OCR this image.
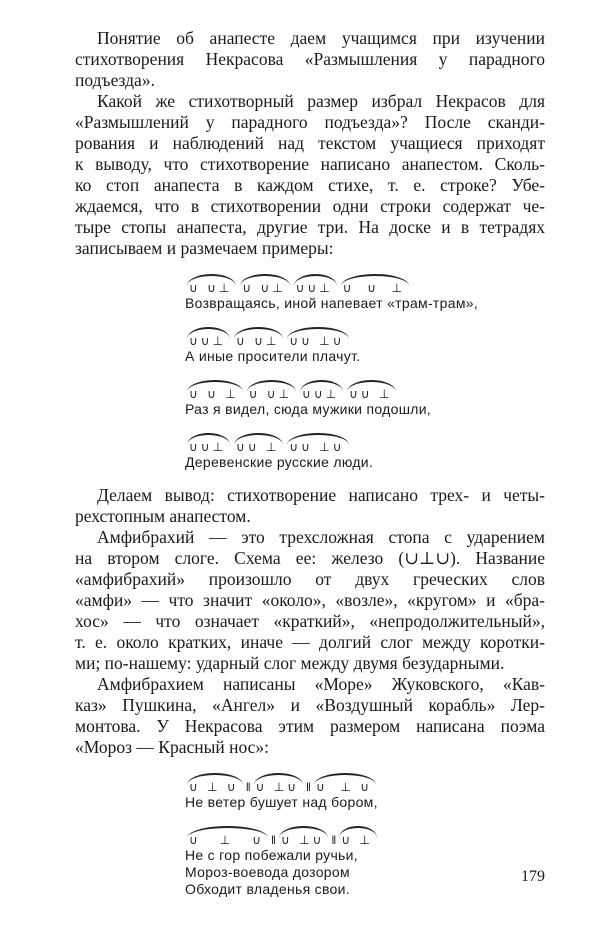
Понятие об анапесте даем учащимся при изучении
стихотворения Некрасова «Размышления у парадного
подъезда».
Какой же стихотворный размер избрал Некрасов для
«Размышлений у парадного подъезда»? После сканди-
рования и наблюдений над текстом учащиеся приходят
к выводу, что стихотворение написано анапестом. Сколь-
ко стоп анапеста в каждом стихе, т. е. строке? Убе-
ждаемся, что в стихотворении одни строки содержат че-
тыре стопы анапеста, другие три. На доске и в тетрадях
записываем и размечаем примеры:
∪ ∪⊥ ∪ ∪⊥ ∪∪⊥ ∪  ∪  ⊥
Возвращаясь, иной напевает «трам-трам»,
∪∪⊥ ∪ ∪⊥ ∪∪ ⊥∪
А иные просители плачут.
∪ ∪ ⊥ ∪ ∪⊥ ∪∪⊥ ∪∪ ⊥
Раз я видел, сюда мужики подошли,
∪∪⊥ ∪∪ ⊥ ∪∪ ⊥∪
Деревенские русские люди.
Делаем вывод: стихотворение написано трех- и четы-
рехстопным анапестом.
Амфибрахий — это трехсложная стопа с ударением
на втором слоге. Схема ее: железо (∪⊥∪). Название
«амфибрахий» произошло от двух греческих слов
«амфи» — что значит «около», «возле», «кругом» и «бра-
хос» — что означает «краткий», «непродолжительный»,
т. е. около кратких, иначе — долгий слог между коротки-
ми; по-нашему: ударный слог между двумя безударными.
Амфибрахием написаны «Море» Жуковского, «Кав-
каз» Пушкина, «Ангел» и «Воздушный корабль» Лер-
монтова. У Некрасова этим размером написана поэма
«Мороз — Красный нос»:
∪ ⊥ ∪ ‖ ∪ ⊥∪ ‖ ∪  ⊥ ∪
Не ветер бушует над бором,
∪   ⊥   ∪ ‖ ∪ ⊥∪ ‖ ∪ ⊥
Не с гор побежали ручьи,
Мороз-воевода дозором
Обходит владенья свои.
179
